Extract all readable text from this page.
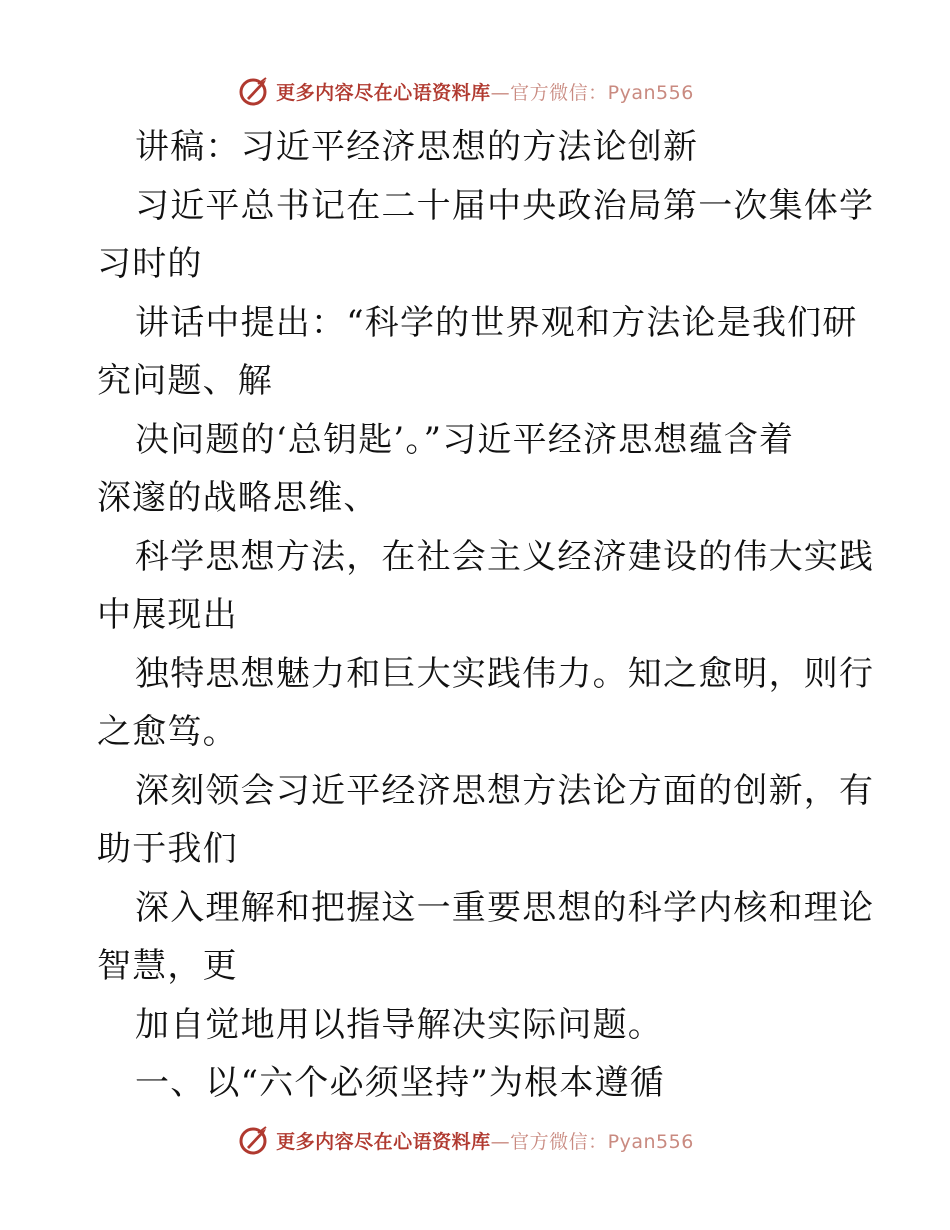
更多内容尽在心语资料库—官方微信：Pyan556
讲稿：习近平经济思想的方法论创新
习近平总书记在二十届中央政治局第一次集体学
习时的
讲话中提出：“科学的世界观和方法论是我们研
究问题、解
决问题的‘总钥匙’。”习近平经济思想蕴含着
深邃的战略思维、
科学思想方法，在社会主义经济建设的伟大实践
中展现出
独特思想魅力和巨大实践伟力。知之愈明，则行
之愈笃。
深刻领会习近平经济思想方法论方面的创新，有
助于我们
深入理解和把握这一重要思想的科学内核和理论
智慧，更
加自觉地用以指导解决实际问题。
一、以“六个必须坚持”为根本遵循
更多内容尽在心语资料库—官方微信：Pyan556
